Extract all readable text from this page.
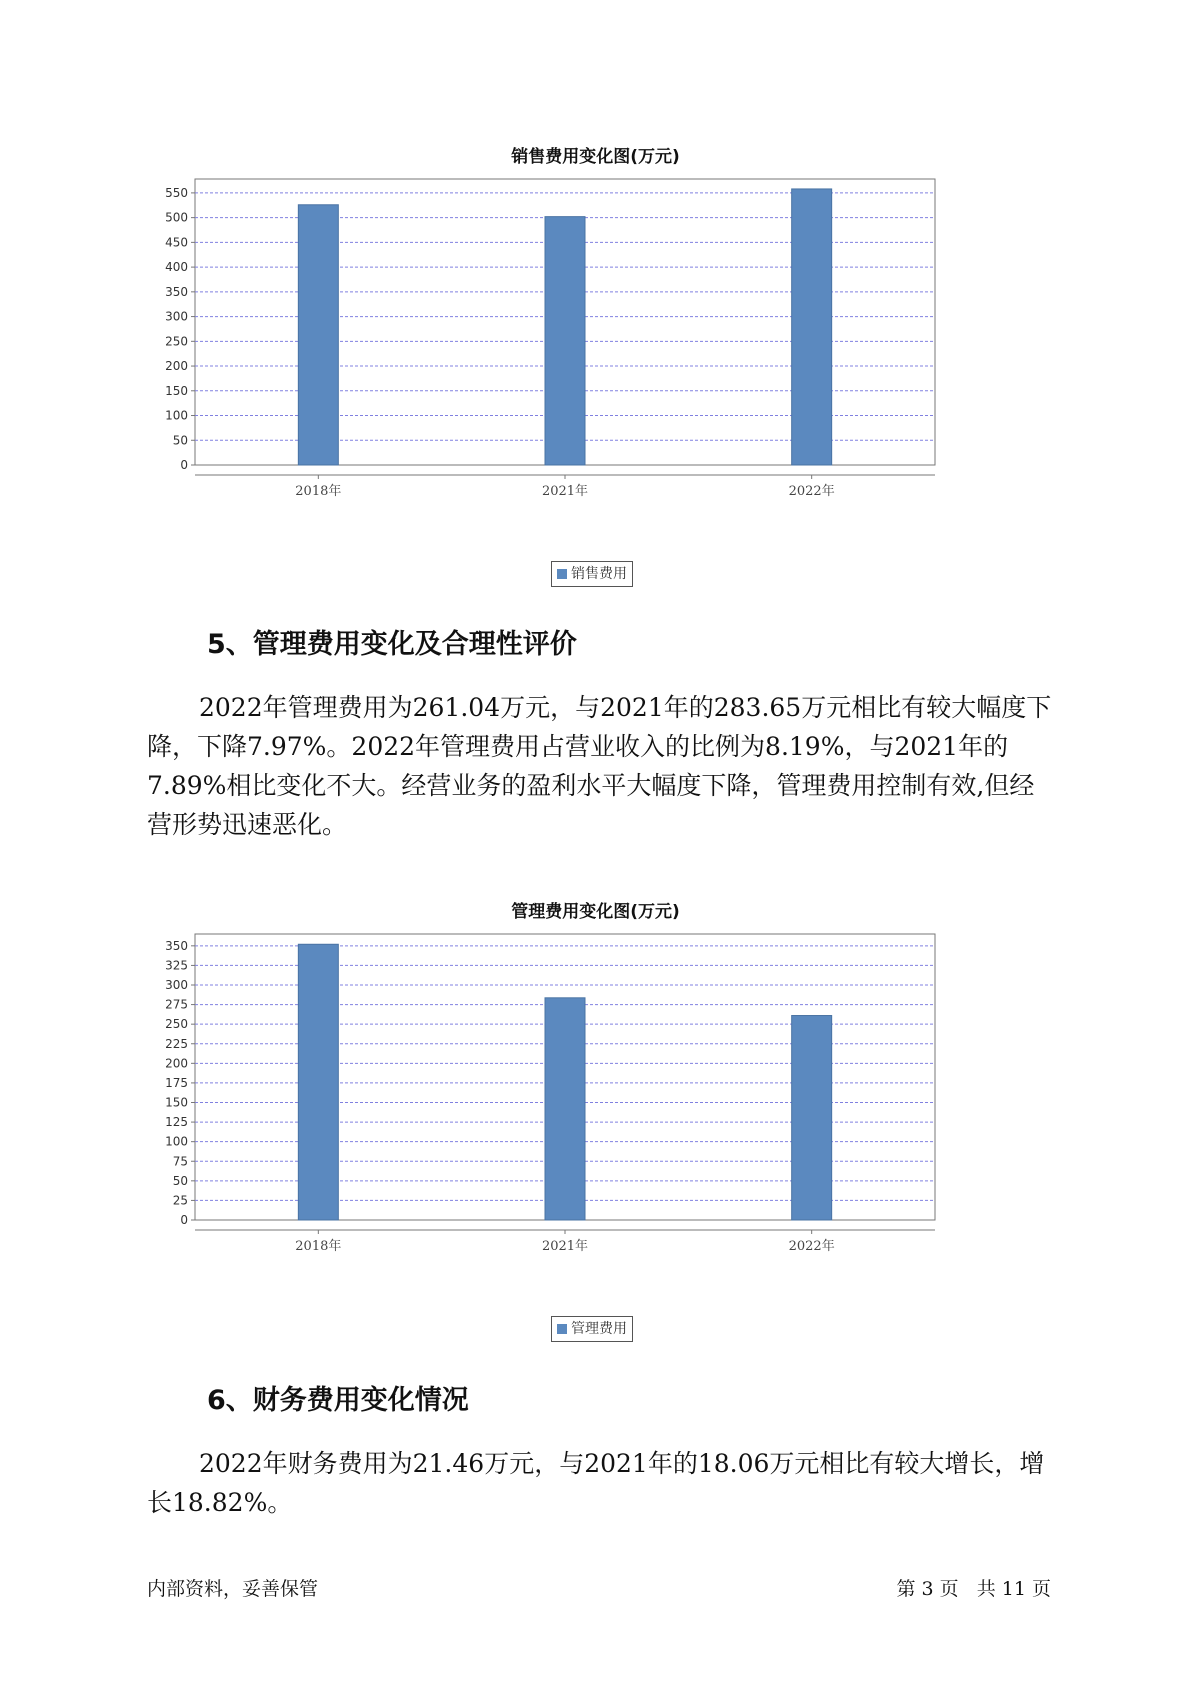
销售费用变化图(万元)
0
50
100
150
200
250
300
350
400
450
500
550
2018年	2021年	2022年
销售费用
5、管理费用变化及合理性评价

2022年管理费用为261.04万元，与2021年的283.65万元相比有较大幅度下降，下降7.97%。2022年管理费用占营业收入的比例为8.19%，与2021年的7.89%相比变化不大。经营业务的盈利水平大幅度下降，管理费用控制有效,但经营形势迅速恶化。

管理费用变化图(万元)
0
25
50
75
100
125
150
175
200
225
250
275
300
325
350
2018年	2021年	2022年
管理费用
6、财务费用变化情况

2022年财务费用为21.46万元，与2021年的18.06万元相比有较大增长，增长18.82%。

内部资料，妥善保管	第 3 页   共 11 页
